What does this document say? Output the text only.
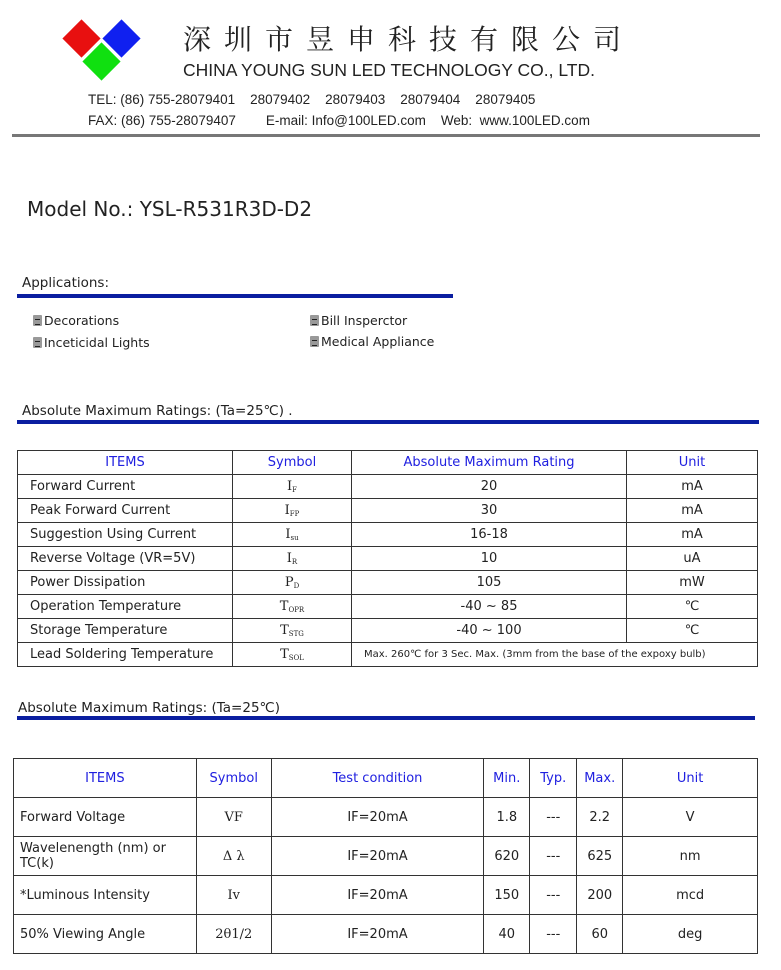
深圳市昱申科技有限公司
CHINA YOUNG SUN LED TECHNOLOGY CO., LTD.
TEL: (86) 755-28079401    28079402    28079403    28079404    28079405
FAX: (86) 755-28079407        E-mail: Info@100LED.com    Web:  www.100LED.com
Model No.: YSL-R531R3D-D2
Applications:
Decorations	Bill Insperctor
Inceticidal Lights	Medical Appliance
Absolute Maximum Ratings: (Ta=25℃) .
ITEMS	Symbol	Absolute Maximum Rating	Unit
Forward Current	$I_F$	20	mA
Peak Forward Current	$I_{FP}$	30	mA
Suggestion Using Current	$I_{su}$	16-18	mA
Reverse Voltage (VR=5V)	$I_R$	10	uA
Power Dissipation	$P_D$	105	mW
Operation Temperature	$T_{OPR}$	-40 ~ 85	℃
Storage Temperature	$T_{STG}$	-40 ~ 100	℃
Lead Soldering Temperature	$T_{SOL}$	Max. 260℃ for 3 Sec. Max. (3mm from the base of the expoxy bulb)	
Absolute Maximum Ratings: (Ta=25℃)
ITEMS	Symbol	Test condition	Min.	Typ.	Max.	Unit
Forward Voltage	VF	IF=20mA	1.8	---	2.2	V
Wavelenength (nm) or TC(k)	Δ λ	IF=20mA	620	---	625	nm
*Luminous Intensity	Iv	IF=20mA	150	---	200	mcd
50% Viewing Angle	2θ1/2	IF=20mA	40	---	60	deg
